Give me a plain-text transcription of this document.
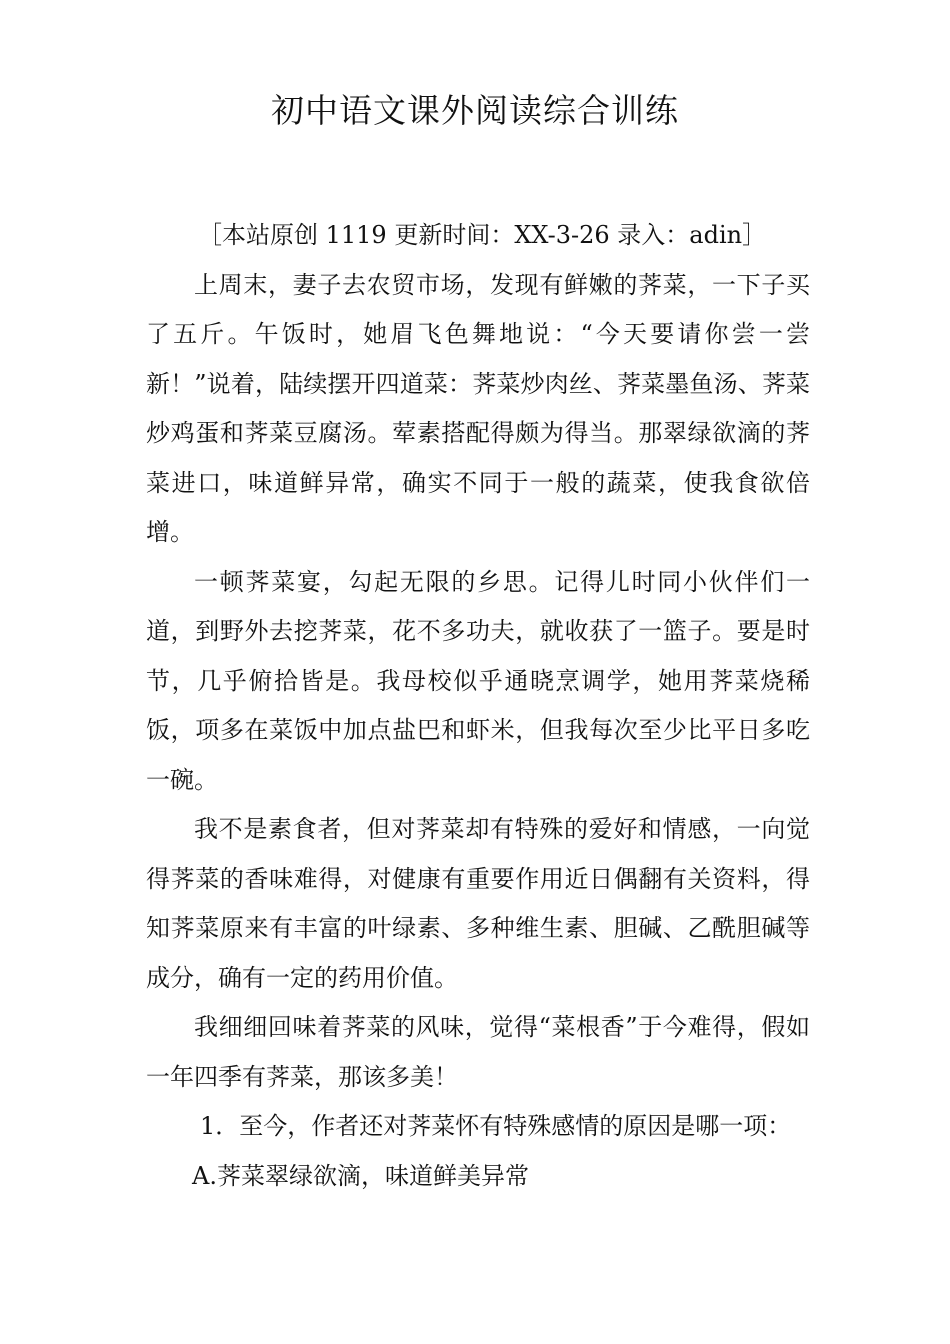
初中语文课外阅读综合训练

［本站原创 1119 更新时间：XX-3-26 录入：adin］

上周末，妻子去农贸市场，发现有鲜嫩的荠菜，一下子买了五斤。午饭时，她眉飞色舞地说：“今天要请你尝一尝新！”说着，陆续摆开四道菜：荠菜炒肉丝、荠菜墨鱼汤、荠菜炒鸡蛋和荠菜豆腐汤。荤素搭配得颇为得当。那翠绿欲滴的荠菜进口，味道鲜异常，确实不同于一般的蔬菜，使我食欲倍增。

一顿荠菜宴，勾起无限的乡思。记得儿时同小伙伴们一道，到野外去挖荠菜，花不多功夫，就收获了一篮子。要是时节，几乎俯拾皆是。我母校似乎通晓烹调学，她用荠菜烧稀饭，项多在菜饭中加点盐巴和虾米，但我每次至少比平日多吃一碗。

我不是素食者，但对荠菜却有特殊的爱好和情感，一向觉得荠菜的香味难得，对健康有重要作用近日偶翻有关资料，得知荠菜原来有丰富的叶绿素、多种维生素、胆碱、乙酰胆碱等成分，确有一定的药用价值。

我细细回味着荠菜的风味，觉得“菜根香”于今难得，假如一年四季有荠菜，那该多美！

1．至今，作者还对荠菜怀有特殊感情的原因是哪一项：

A.荠菜翠绿欲滴，味道鲜美异常
